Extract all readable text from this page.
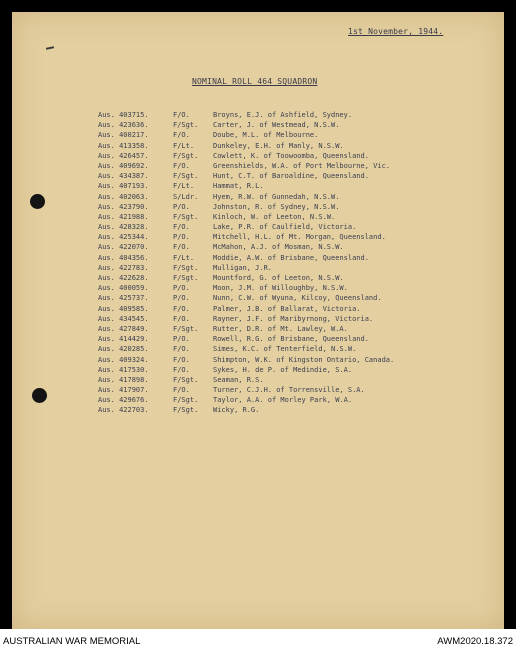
1st November, 1944.
NOMINAL ROLL 464 SQUADRON
Aus. 403715.	F/O.	Broyns, E.J. of Ashfield, Sydney.
Aus. 423636.	F/Sgt.	Carter, J. of Westmead, N.S.W.
Aus. 400217.	F/O.	Doube, M.L. of Melbourne.
Aus. 413358.	F/Lt.	Dunkeley, E.H. of Manly, N.S.W.
Aus. 426457.	F/Sgt.	Cowlett, K. of Toowoomba, Queensland.
Aus. 409692.	F/O.	Greenshields, W.A. of Port Melbourne, Vic.
Aus. 434387.	F/Sgt.	Hunt, C.T. of Baroaldine, Queensland.
Aus. 407193.	F/Lt.	Hammat, R.L.
Aus. 402063.	S/Ldr.	Hyem, R.W. of Gunnedah, N.S.W.
Aus. 423790.	P/O.	Johnston, R. of Sydney, N.S.W.
Aus. 421988.	F/Sgt.	Kinloch, W. of Leeton, N.S.W.
Aus. 428328.	F/O.	Lake, P.R. of Caulfield, Victoria.
Aus. 425344.	P/O.	Mitchell, H.L. of Mt. Morgan, Queensland.
Aus. 422070.	F/O.	McMahon, A.J. of Mosman, N.S.W.
Aus. 404356.	F/Lt.	Moddie, A.W. of Brisbane, Queensland.
Aus. 422783.	F/Sgt.	Mulligan, J.R.
Aus. 422628.	F/Sgt.	Mountford, G. of Leeton, N.S.W.
Aus. 400059.	P/O.	Moon, J.M. of Willoughby, N.S.W.
Aus. 425737.	P/O.	Nunn, C.W. of Wyuna, Kilcoy, Queensland.
Aus. 409585.	F/O.	Palmer, J.B. of Ballarat, Victoria.
Aus. 434545.	F/O.	Rayner, J.F. of Maribyrnong, Victoria.
Aus. 427849.	F/Sgt.	Rutter, D.R. of Mt. Lawley, W.A.
Aus. 414429.	P/O.	Rowell, R.G. of Brisbane, Queensland.
Aus. 420285.	F/O.	Simes, K.C. of Tenterfield, N.S.W.
Aus. 409324.	F/O.	Shimpton, W.K. of Kingston Ontario, Canada.
Aus. 417530.	F/O.	Sykes, H. de P. of Medindie, S.A.
Aus. 417898.	F/Sgt.	Seaman, R.S.
Aus. 417907.	F/O.	Turner, C.J.H. of Torrensville, S.A.
Aus. 429676.	F/Sgt.	Taylor, A.A. of Morley Park, W.A.
Aus. 422703.	F/Sgt.	Wicky, R.G.
AUSTRALIAN WAR MEMORIAL	AWM2020.18.372
